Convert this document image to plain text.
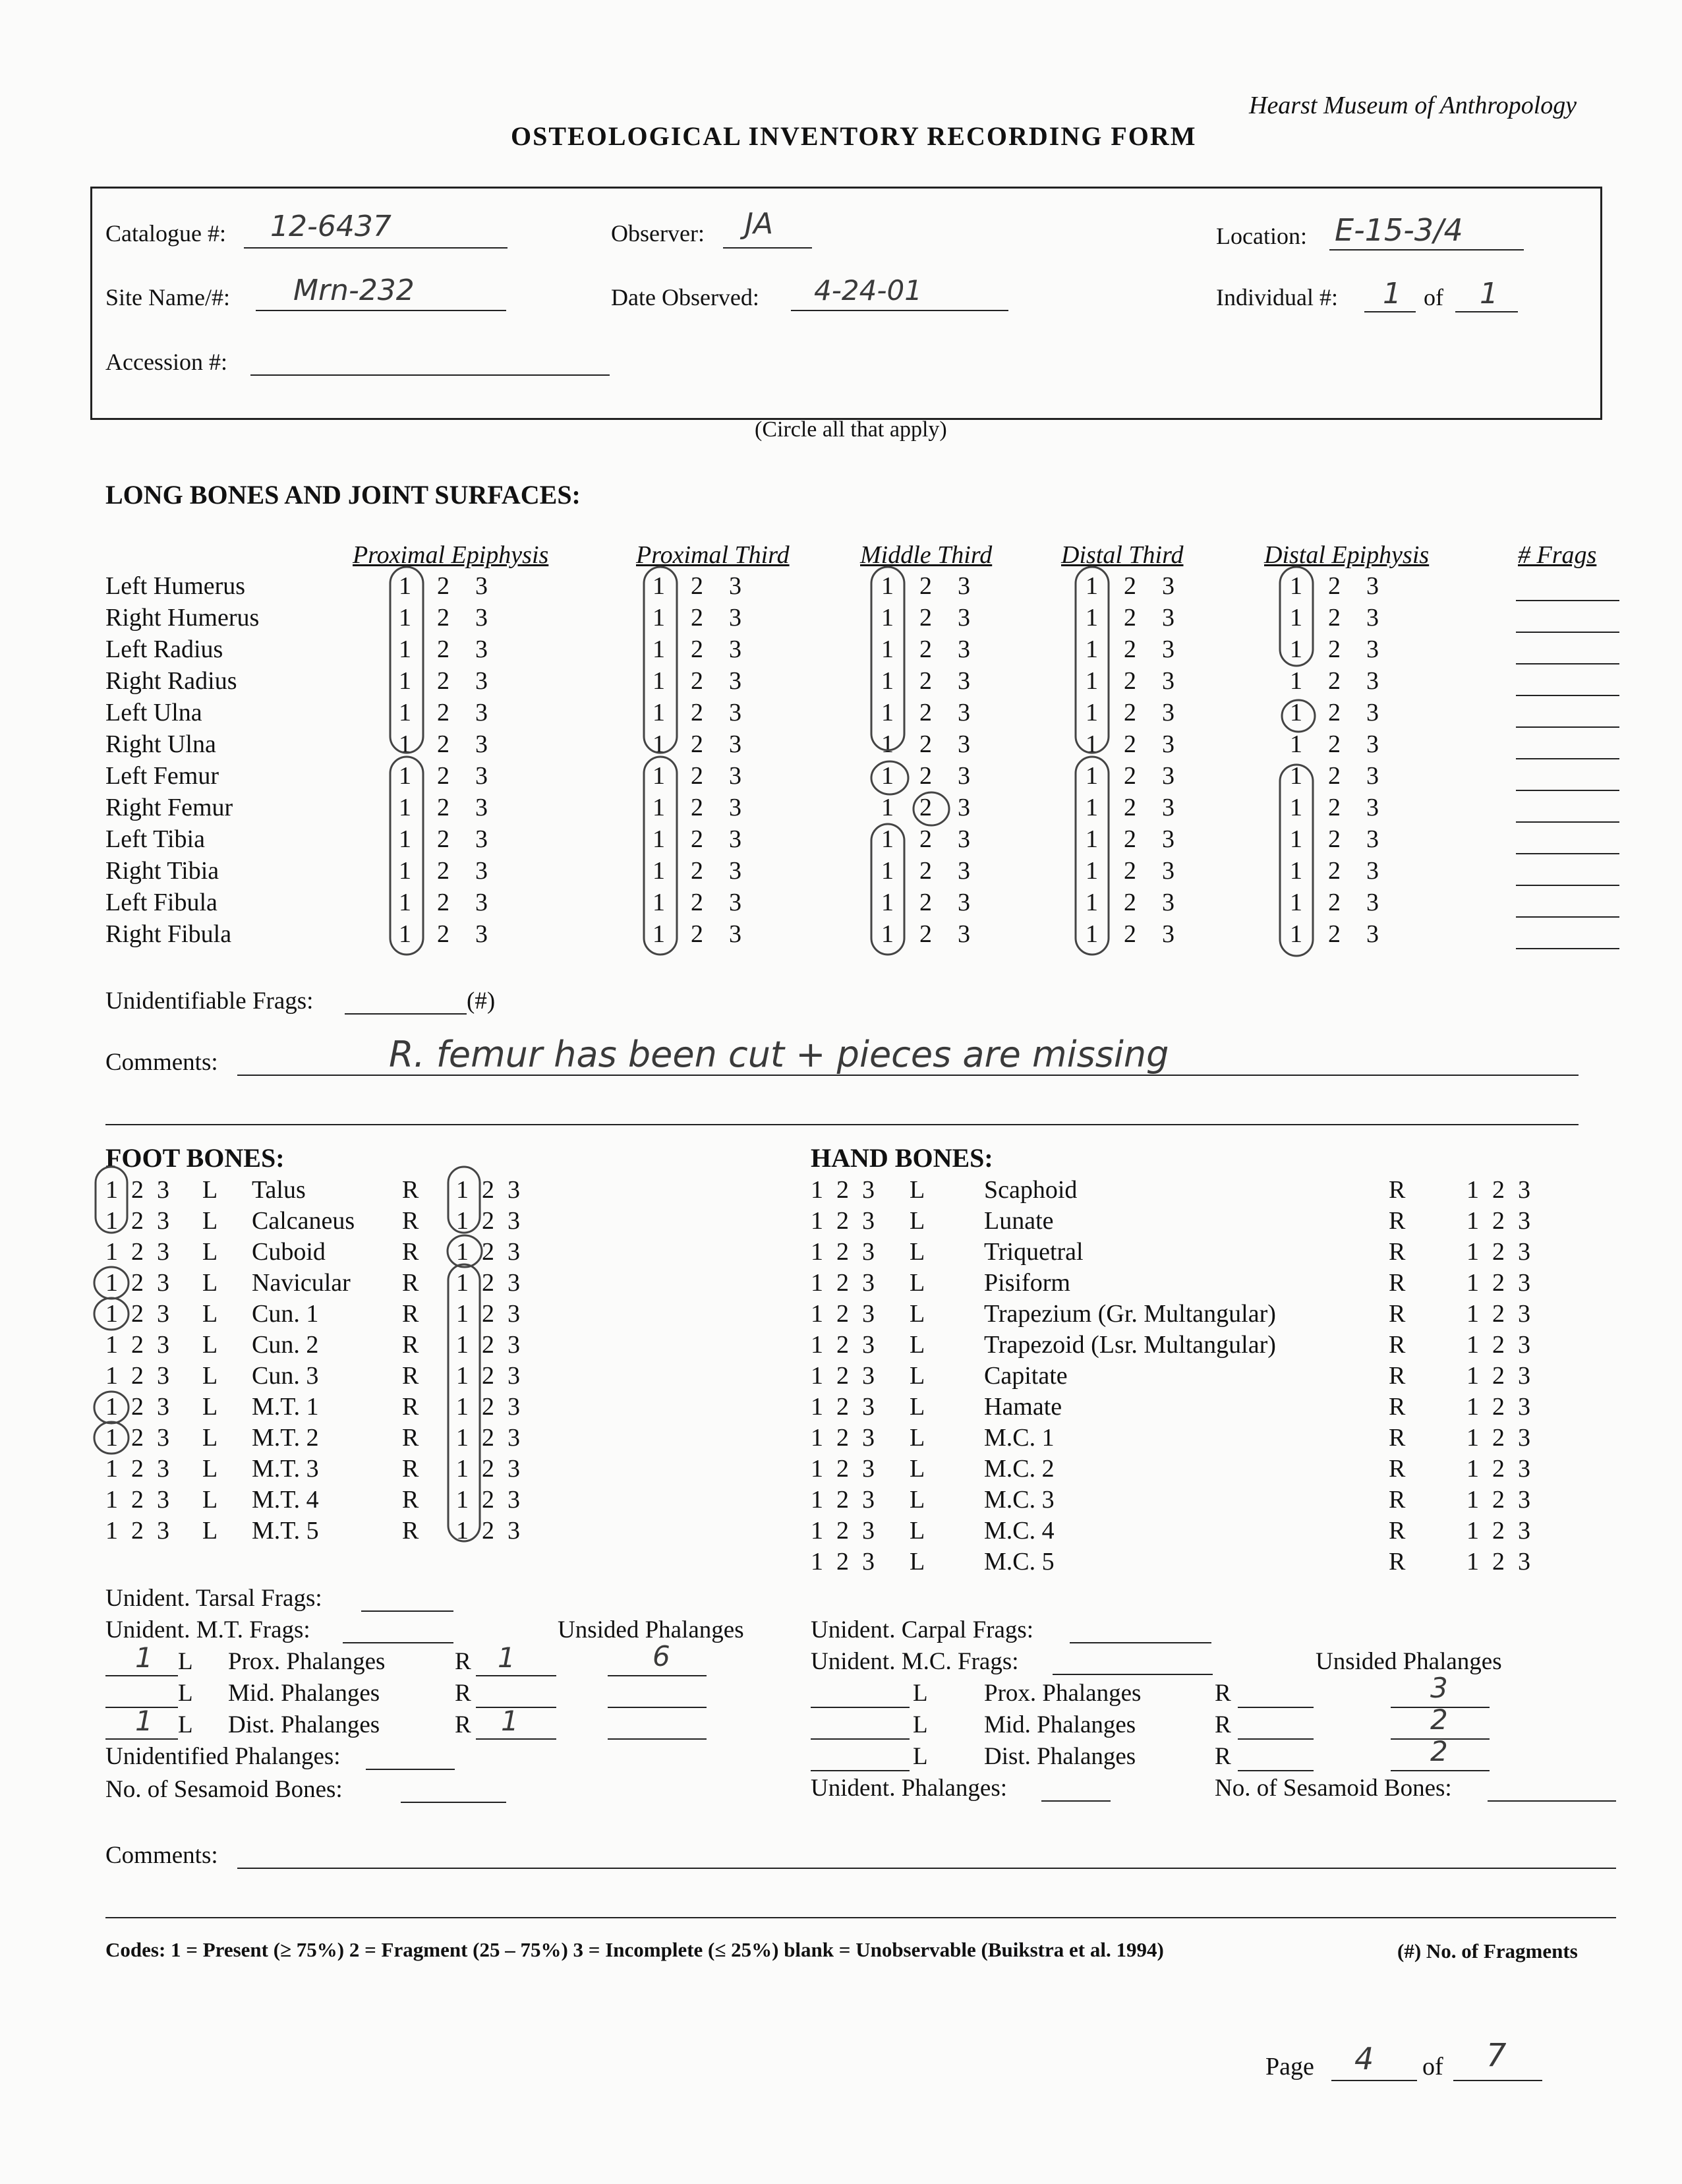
Hearst Museum of Anthropology
OSTEOLOGICAL INVENTORY RECORDING FORM
Catalogue #: 12-6437	Observer: JA	Location: E-15-3/4
Site Name/#: Mrn-232	Date Observed: 4-24-01	Individual #: 1 of 1
Accession #:
(Circle all that apply)
LONG BONES AND JOINT SURFACES:
Proximal Epiphysis	Proximal Third	Middle Third	Distal Third	Distal Epiphysis	# Frags
Left Humerus	1 2 3	1 2 3	1 2 3	1 2 3	1 2 3
Right Humerus	1 2 3	1 2 3	1 2 3	1 2 3	1 2 3
Left Radius	1 2 3	1 2 3	1 2 3	1 2 3	1 2 3
Right Radius	1 2 3	1 2 3	1 2 3	1 2 3	1 2 3
Left Ulna	1 2 3	1 2 3	1 2 3	1 2 3	1 2 3
Right Ulna	1 2 3	1 2 3	1 2 3	1 2 3	1 2 3
Left Femur	1 2 3	1 2 3	1 2 3	1 2 3	1 2 3
Right Femur	1 2 3	1 2 3	1 2 3	1 2 3	1 2 3
Left Tibia	1 2 3	1 2 3	1 2 3	1 2 3	1 2 3
Right Tibia	1 2 3	1 2 3	1 2 3	1 2 3	1 2 3
Left Fibula	1 2 3	1 2 3	1 2 3	1 2 3	1 2 3
Right Fibula	1 2 3	1 2 3	1 2 3	1 2 3	1 2 3
Unidentifiable Frags:	(#)
Comments:	R. femur has been cut + pieces are missing
FOOT BONES:	HAND BONES:
1 2 3 L Talus	R 1 2 3
1 2 3 L Calcaneus R 1 2 3
1 2 3 L Cuboid	R 1 2 3
1 2 3 L Navicular R 1 2 3
1 2 3 L Cun. 1	R 1 2 3
1 2 3 L Cun. 2	R 1 2 3
1 2 3 L Cun. 3	R 1 2 3
1 2 3 L M.T. 1	R 1 2 3
1 2 3 L M.T. 2	R 1 2 3
1 2 3 L M.T. 3	R 1 2 3
1 2 3 L M.T. 4	R 1 2 3
1 2 3 L M.T. 5	R 1 2 3
1 2 3 L Scaphoid	R 1 2 3
1 2 3 L Lunate	R 1 2 3
1 2 3 L Triquetral	R 1 2 3
1 2 3 L Pisiform	R 1 2 3
1 2 3 L Trapezium (Gr. Multangular)	R 1 2 3
1 2 3 L Trapezoid (Lsr. Multangular)	R 1 2 3
1 2 3 L Capitate	R 1 2 3
1 2 3 L Hamate	R 1 2 3
1 2 3 L M.C. 1	R 1 2 3
1 2 3 L M.C. 2	R 1 2 3
1 2 3 L M.C. 3	R 1 2 3
1 2 3 L M.C. 4	R 1 2 3
1 2 3 L M.C. 5	R 1 2 3
Unident. Tarsal Frags:
Unident. M.T. Frags:	Unsided Phalanges
1 L Prox. Phalanges	R 1	6
L Mid. Phalanges	R
1 L Dist. Phalanges	R 1
Unidentified Phalanges:
No. of Sesamoid Bones:
Unident. Carpal Frags:
Unident. M.C. Frags:	Unsided Phalanges
L Prox. Phalanges	R	3
L Mid. Phalanges	R	2
L Dist. Phalanges	R	2
Unident. Phalanges:	No. of Sesamoid Bones:
Comments:
Codes: 1 = Present (≥ 75%) 2 = Fragment (25 – 75%) 3 = Incomplete (≤ 25%) blank = Unobservable (Buikstra et al. 1994)	(#) No. of Fragments
Page 4 of 7
